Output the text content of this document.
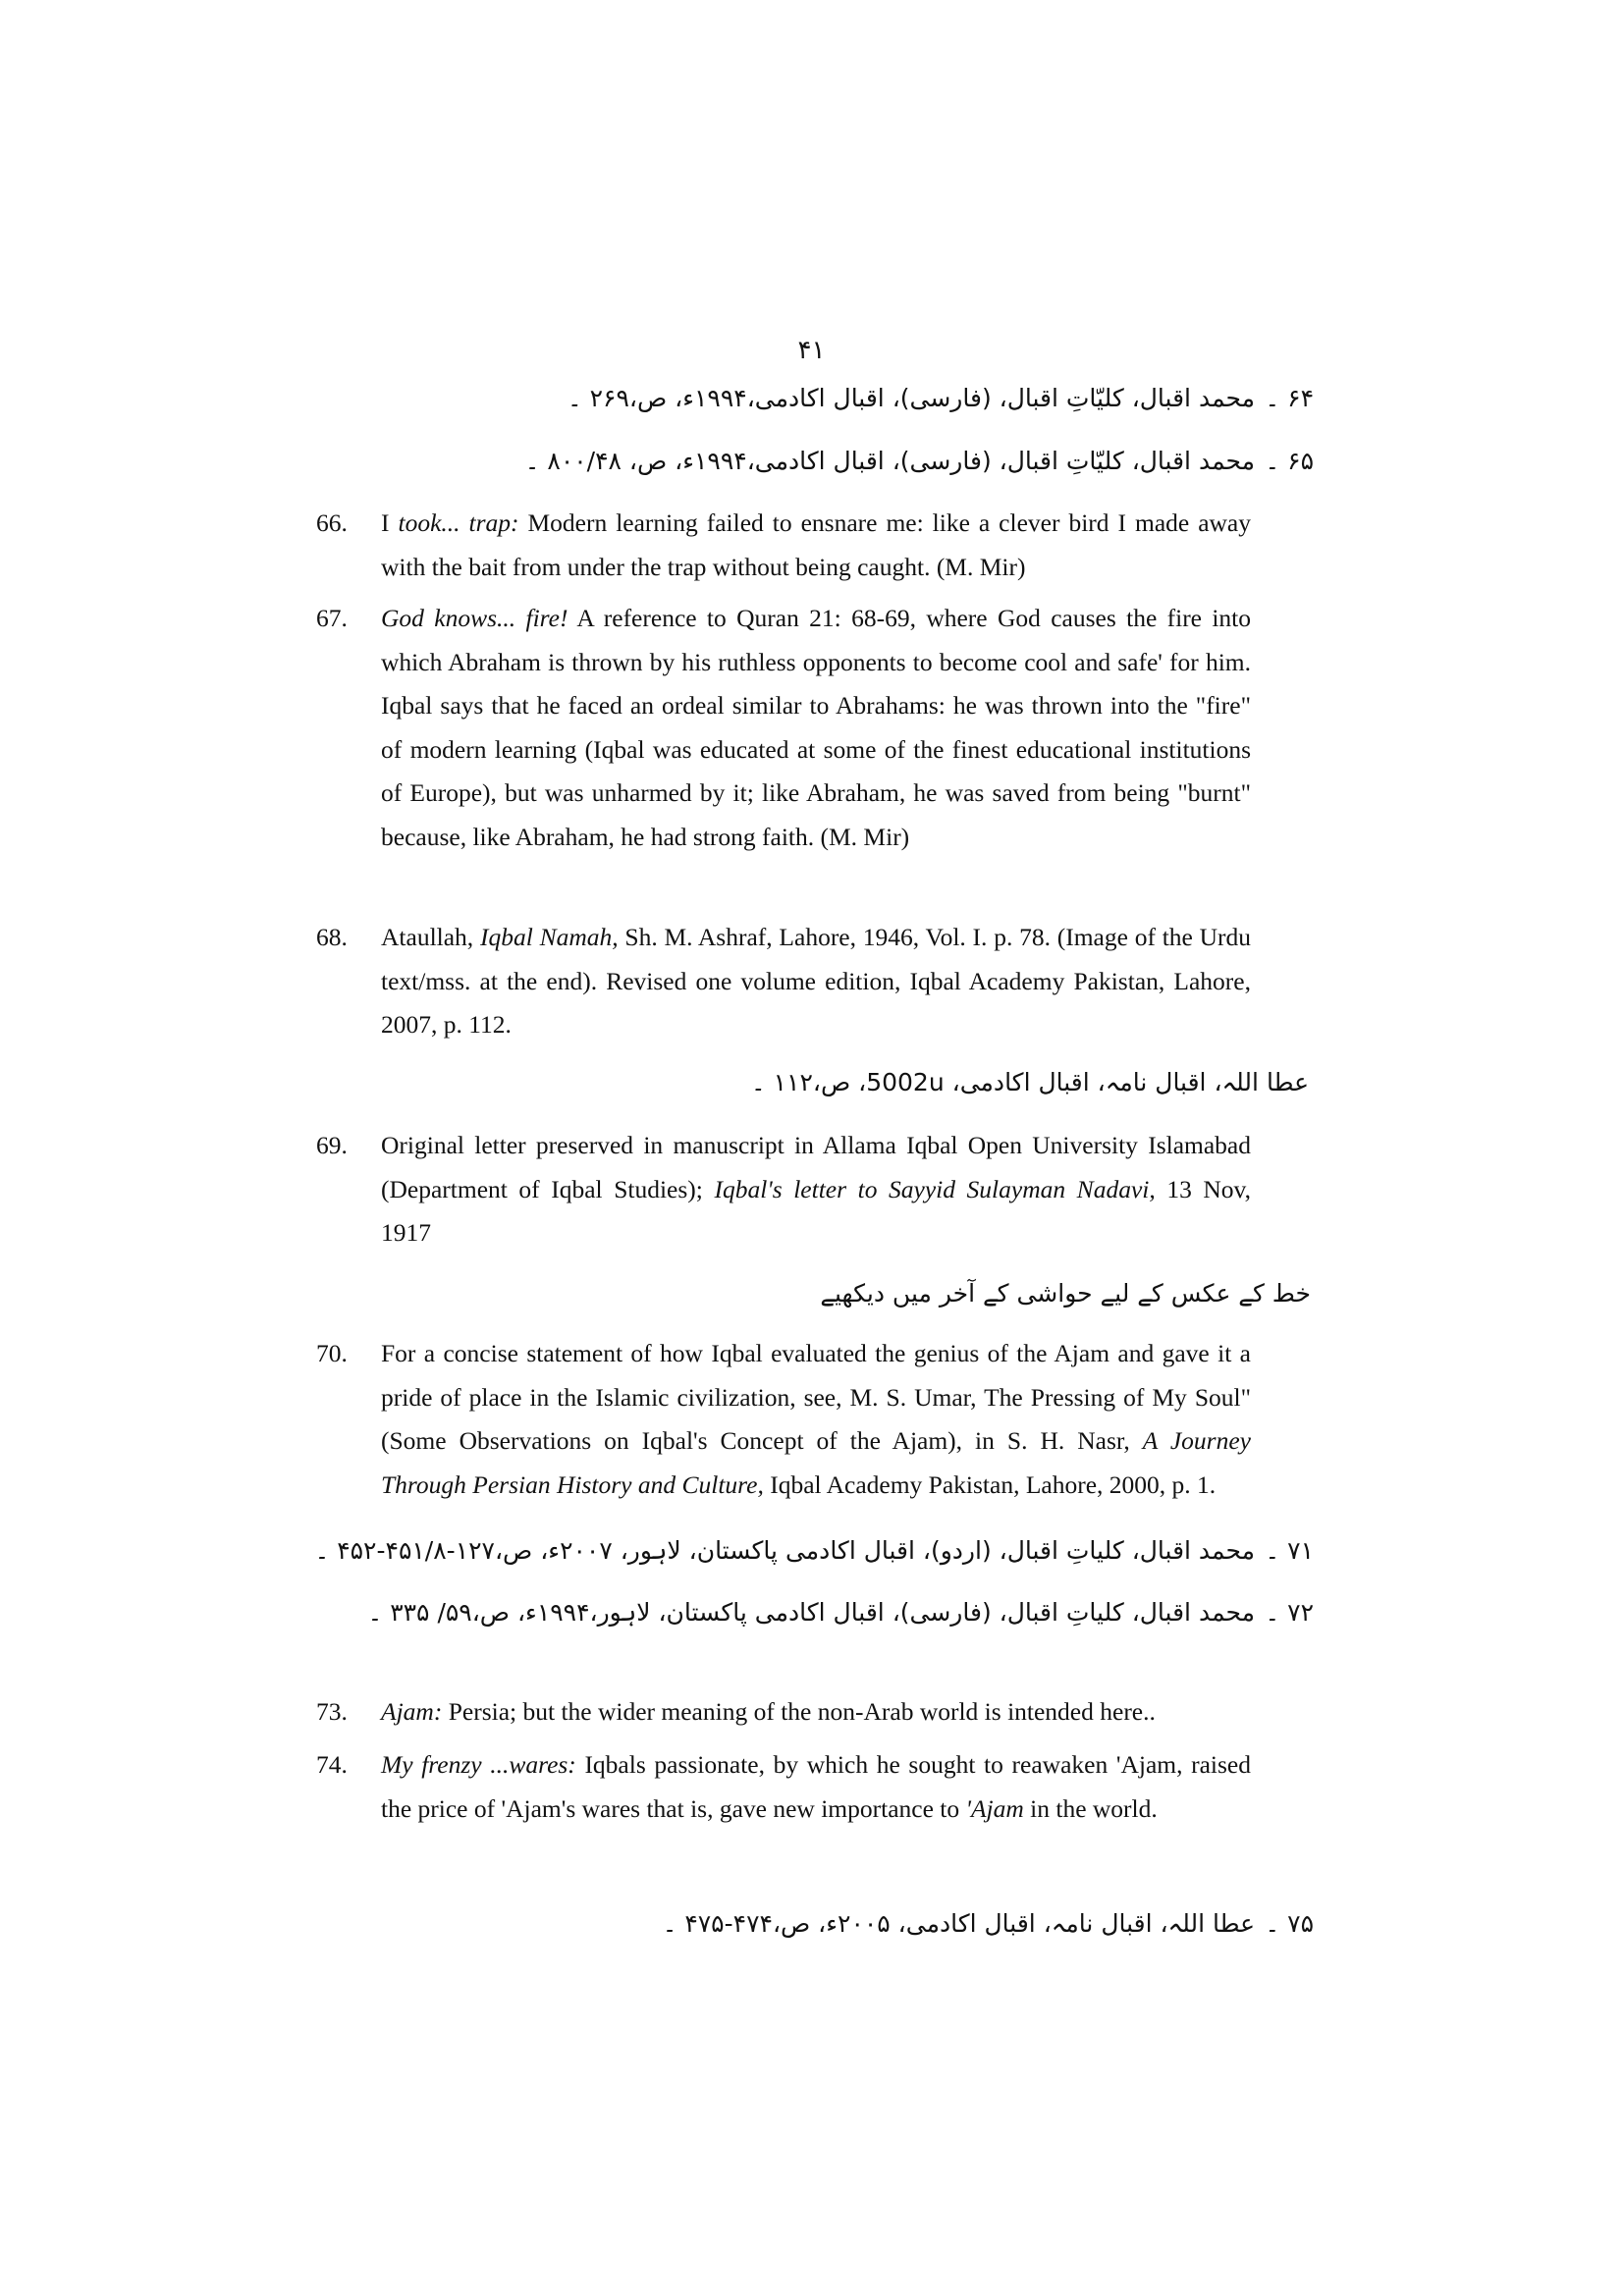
۴۱
۶۴ ۔ محمد اقبال، کلیّاتِ اقبال، (فارسی)، اقبال اکادمی،۱۹۹۴ء، ص،۲۶۹ ۔
۶۵ ۔ محمد اقبال، کلیّاتِ اقبال، (فارسی)، اقبال اکادمی،۱۹۹۴ء، ص، ۸۰۰/۴۸ ۔
66.	I took... trap: Modern learning failed to ensnare me: like a clever bird I made away with the bait from under the trap without being caught. (M. Mir)
67.	God knows... fire! A reference to Quran 21: 68-69, where God causes the fire into which Abraham is thrown by his ruthless opponents to become cool and safe' for him. Iqbal says that he faced an ordeal similar to Abrahams: he was thrown into the "fire" of modern learning (Iqbal was educated at some of the finest educational institutions of Europe), but was unharmed by it; like Abraham, he was saved from being "burnt" because, like Abraham, he had strong faith. (M. Mir)
68.	Ataullah, Iqbal Namah, Sh. M. Ashraf, Lahore, 1946, Vol. I. p. 78. (Image of the Urdu text/mss. at the end). Revised one volume edition, Iqbal Academy Pakistan, Lahore, 2007, p. 112.
عطا اللہ، اقبال نامہ، اقبال اکادمی، 5002u، ص،۱۱۲ ۔
69.	Original letter preserved in manuscript in Allama Iqbal Open University Islamabad (Department of Iqbal Studies); Iqbal's letter to Sayyid Sulayman Nadavi, 13 Nov, 1917
خط کے عکس کے لیے حواشی کے آخر میں دیکھیے
70.	For a concise statement of how Iqbal evaluated the genius of the Ajam and gave it a pride of place in the Islamic civilization, see, M. S. Umar, The Pressing of My Soul" (Some Observations on Iqbal's Concept of the Ajam), in S. H. Nasr, A Journey Through Persian History and Culture, Iqbal Academy Pakistan, Lahore, 2000, p. 1.
۷۱ ۔ محمد اقبال، کلیاتِ اقبال، (اردو)، اقبال اکادمی پاکستان، لاہور، ۲۰۰۷ء، ص،۱۲۷-۴۵۱/۸-۴۵۲ ۔
۷۲ ۔ محمد اقبال، کلیاتِ اقبال، (فارسی)، اقبال اکادمی پاکستان، لاہور،۱۹۹۴ء، ص،۵۹/ ۳۳۵ ۔
73.	Ajam: Persia; but the wider meaning of the non-Arab world is intended here..
74.	My frenzy ...wares: Iqbals passionate, by which he sought to reawaken 'Ajam, raised the price of 'Ajam's wares that is, gave new importance to 'Ajam in the world.
۷۵ ۔ عطا اللہ، اقبال نامہ، اقبال اکادمی، ۲۰۰۵ء، ص،۴۷۴-۴۷۵ ۔
